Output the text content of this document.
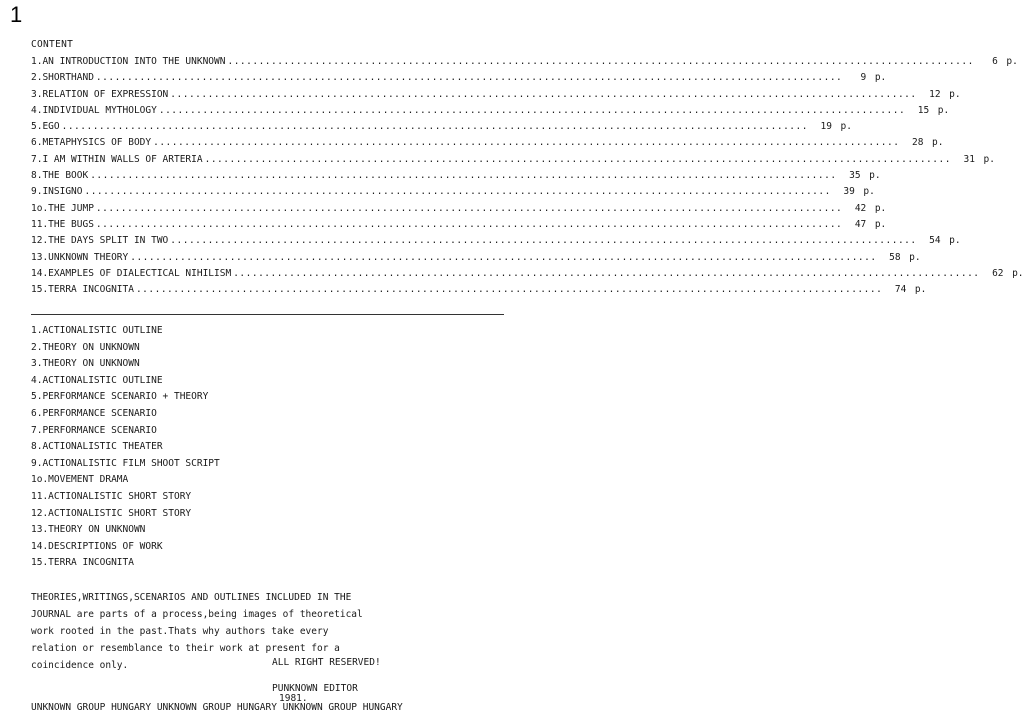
1
CONTENT
1.AN INTRODUCTION INTO THE UNKNOWN ........................................................................................................................	6 p.
2.SHORTHAND ........................................................................................................................	9 p.
3.RELATION OF EXPRESSION ........................................................................................................................	12 p.
4.INDIVIDUAL MYTHOLOGY ........................................................................................................................	15 p.
5.EGO ........................................................................................................................	19 p.
6.METAPHYSICS OF BODY ........................................................................................................................	28 p.
7.I AM WITHIN WALLS OF ARTERIA ........................................................................................................................	31 p.
8.THE BOOK ........................................................................................................................	35 p.
9.INSIGNO ........................................................................................................................	39 p.
1o.THE JUMP ........................................................................................................................	42 p.
11.THE BUGS ........................................................................................................................	47 p.
12.THE DAYS SPLIT IN TWO ........................................................................................................................	54 p.
13.UNKNOWN THEORY ........................................................................................................................	58 p.
14.EXAMPLES OF DIALECTICAL NIHILISM ........................................................................................................................	62 p.
15.TERRA INCOGNITA ........................................................................................................................	74 p.
1.ACTIONALISTIC OUTLINE
2.THEORY ON UNKNOWN
3.THEORY ON UNKNOWN
4.ACTIONALISTIC OUTLINE
5.PERFORMANCE SCENARIO + THEORY
6.PERFORMANCE SCENARIO
7.PERFORMANCE SCENARIO
8.ACTIONALISTIC THEATER
9.ACTIONALISTIC FILM SHOOT SCRIPT
1o.MOVEMENT DRAMA
11.ACTIONALISTIC SHORT STORY
12.ACTIONALISTIC SHORT STORY
13.THEORY ON UNKNOWN
14.DESCRIPTIONS OF WORK
15.TERRA INCOGNITA
THEORIES,WRITINGS,SCENARIOS AND OUTLINES INCLUDED IN THE
JOURNAL are parts of a process,being images of theoretical
work rooted in the past.Thats why authors take every
relation or resemblance to their work at present for a
coincidence only.	ALL RIGHT RESERVED!
PUNKNOWN EDITOR
1981.
UNKNOWN GROUP HUNGARY UNKNOWN GROUP HUNGARY UNKNOWN GROUP HUNGARY
